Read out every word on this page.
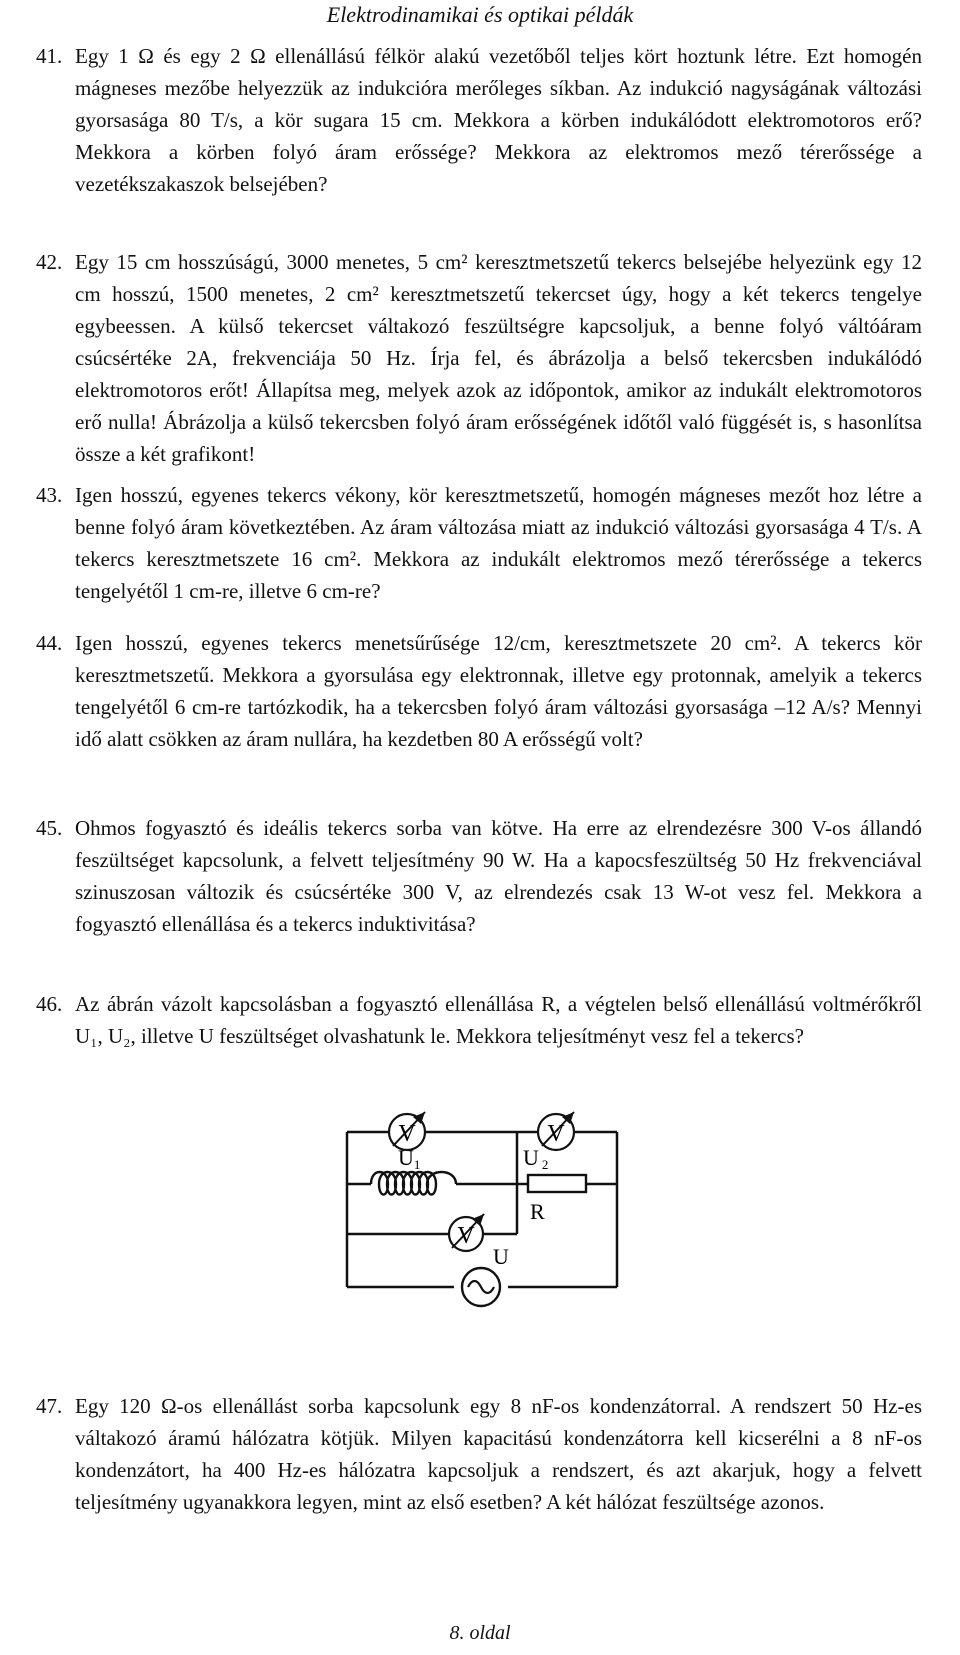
Elektrodinamikai és optikai példák
41. Egy 1 Ω és egy 2 Ω ellenállású félkör alakú vezetőből teljes kört hoztunk létre. Ezt homogén mágneses mezőbe helyezzük az indukcióra merőleges síkban. Az indukció nagyságának változási gyorsasága 80 T/s, a kör sugara 15 cm. Mekkora a körben indukálódott elektromotoros erő? Mekkora a körben folyó áram erőssége? Mekkora az elektromos mező térerőssége a vezetékszakaszok belsejében?
42. Egy 15 cm hosszúságú, 3000 menetes, 5 cm² keresztmetszetű tekercs belsejébe helyezünk egy 12 cm hosszú, 1500 menetes, 2 cm² keresztmetszetű tekercset úgy, hogy a két tekercs tengelye egybeessen. A külső tekercset váltakozó feszültségre kapcsoljuk, a benne folyó váltóáram csúcsértéke 2A, frekvenciája 50 Hz. Írja fel, és ábrázolja a belső tekercsben indukálódó elektromotoros erőt! Állapítsa meg, melyek azok az időpontok, amikor az indukált elektromotoros erő nulla! Ábrázolja a külső tekercsben folyó áram erősségének időtől való függését is, s hasonlítsa össze a két grafikont!
43. Igen hosszú, egyenes tekercs vékony, kör keresztmetszetű, homogén mágneses mezőt hoz létre a benne folyó áram következtében. Az áram változása miatt az indukció változási gyorsasága 4 T/s. A tekercs keresztmetszete 16 cm². Mekkora az indukált elektromos mező térerőssége a tekercs tengelyétől 1 cm-re, illetve 6 cm-re?
44. Igen hosszú, egyenes tekercs menetsűrűsége 12/cm, keresztmetszete 20 cm². A tekercs kör keresztmetszetű. Mekkora a gyorsulása egy elektronnak, illetve egy protonnak, amelyik a tekercs tengelyétől 6 cm-re tartózkodik, ha a tekercsben folyó áram változási gyorsasága –12 A/s? Mennyi idő alatt csökken az áram nullára, ha kezdetben 80 A erősségű volt?
45. Ohmos fogyasztó és ideális tekercs sorba van kötve. Ha erre az elrendezésre 300 V-os állandó feszültséget kapcsolunk, a felvett teljesítmény 90 W. Ha a kapocsfeszültség 50 Hz frekvenciával szinuszosan változik és csúcsértéke 300 V, az elrendezés csak 13 W-ot vesz fel. Mekkora a fogyasztó ellenállása és a tekercs induktivitása?
46. Az ábrán vázolt kapcsolásban a fogyasztó ellenállása R, a végtelen belső ellenállású voltmérőkről U₁, U₂, illetve U feszültséget olvashatunk le. Mekkora teljesítményt vesz fel a tekercs?
V	V
V
U1	U 2
R
U
47. Egy 120 Ω-os ellenállást sorba kapcsolunk egy 8 nF-os kondenzátorral. A rendszert 50 Hz-es váltakozó áramú hálózatra kötjük. Milyen kapacitású kondenzátorra kell kicserélni a 8 nF-os kondenzátort, ha 400 Hz-es hálózatra kapcsoljuk a rendszert, és azt akarjuk, hogy a felvett teljesítmény ugyanakkora legyen, mint az első esetben? A két hálózat feszültsége azonos.
8. oldal
